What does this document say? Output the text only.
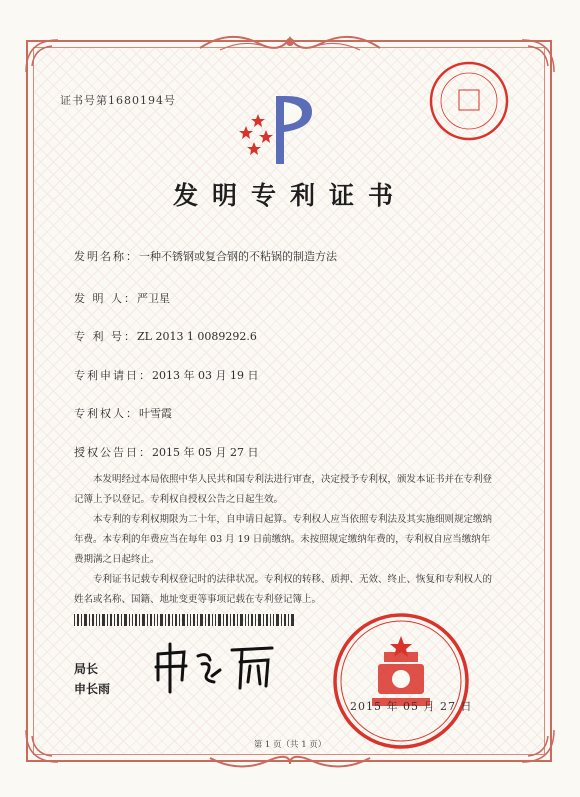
证书号第1680194号
发明专利证书
发明名称：一种不锈钢或复合钢的不粘锅的制造方法
发 明 人：严卫星
专 利 号：ZL 2013 1 0089292.6
专利申请日：2013 年 03 月 19 日
专利权人：叶雪霞
授权公告日：2015 年 05 月 27 日

本发明经过本局依照中华人民共和国专利法进行审查，决定授予专利权，颁发本证书并在专利登记簿上予以登记。专利权自授权公告之日起生效。

本专利的专利权期限为二十年，自申请日起算。专利权人应当依照专利法及其实施细则规定缴纳年费。本专利的年费应当在每年 03 月 19 日前缴纳。未按照规定缴纳年费的，专利权自应当缴纳年费期满之日起终止。

专利证书记载专利权登记时的法律状况。专利权的转移、质押、无效、终止、恢复和专利权人的姓名或名称、国籍、地址变更等事项记载在专利登记簿上。

局长
申长雨
2015 年 05 月 27 日
第 1 页（共 1 页）
